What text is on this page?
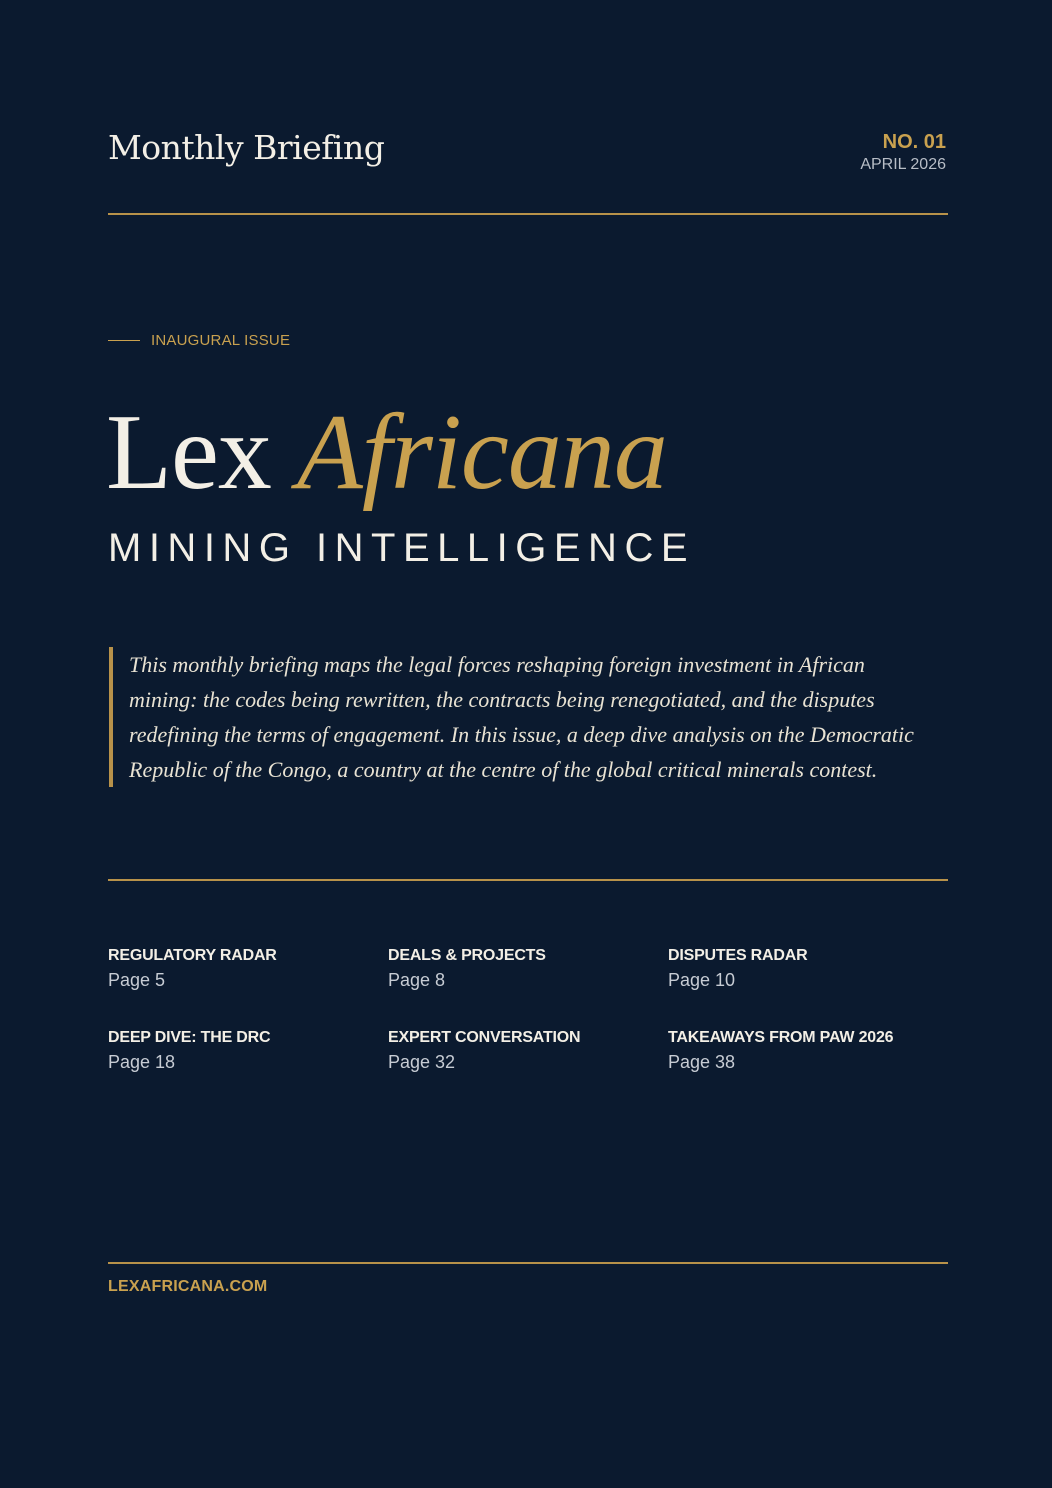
Monthly Briefing	NO. 01
APRIL 2026
INAUGURAL ISSUE
Lex Africana
MINING INTELLIGENCE
This monthly briefing maps the legal forces reshaping foreign investment in African mining: the codes being rewritten, the contracts being renegotiated, and the disputes redefining the terms of engagement. In this issue, a deep dive analysis on the Democratic Republic of the Congo, a country at the centre of the global critical minerals contest.
REGULATORY RADAR
Page 5
DEALS & PROJECTS
Page 8
DISPUTES RADAR
Page 10
DEEP DIVE: THE DRC
Page 18
EXPERT CONVERSATION
Page 32
TAKEAWAYS FROM PAW 2026
Page 38
LEXAFRICANA.COM
